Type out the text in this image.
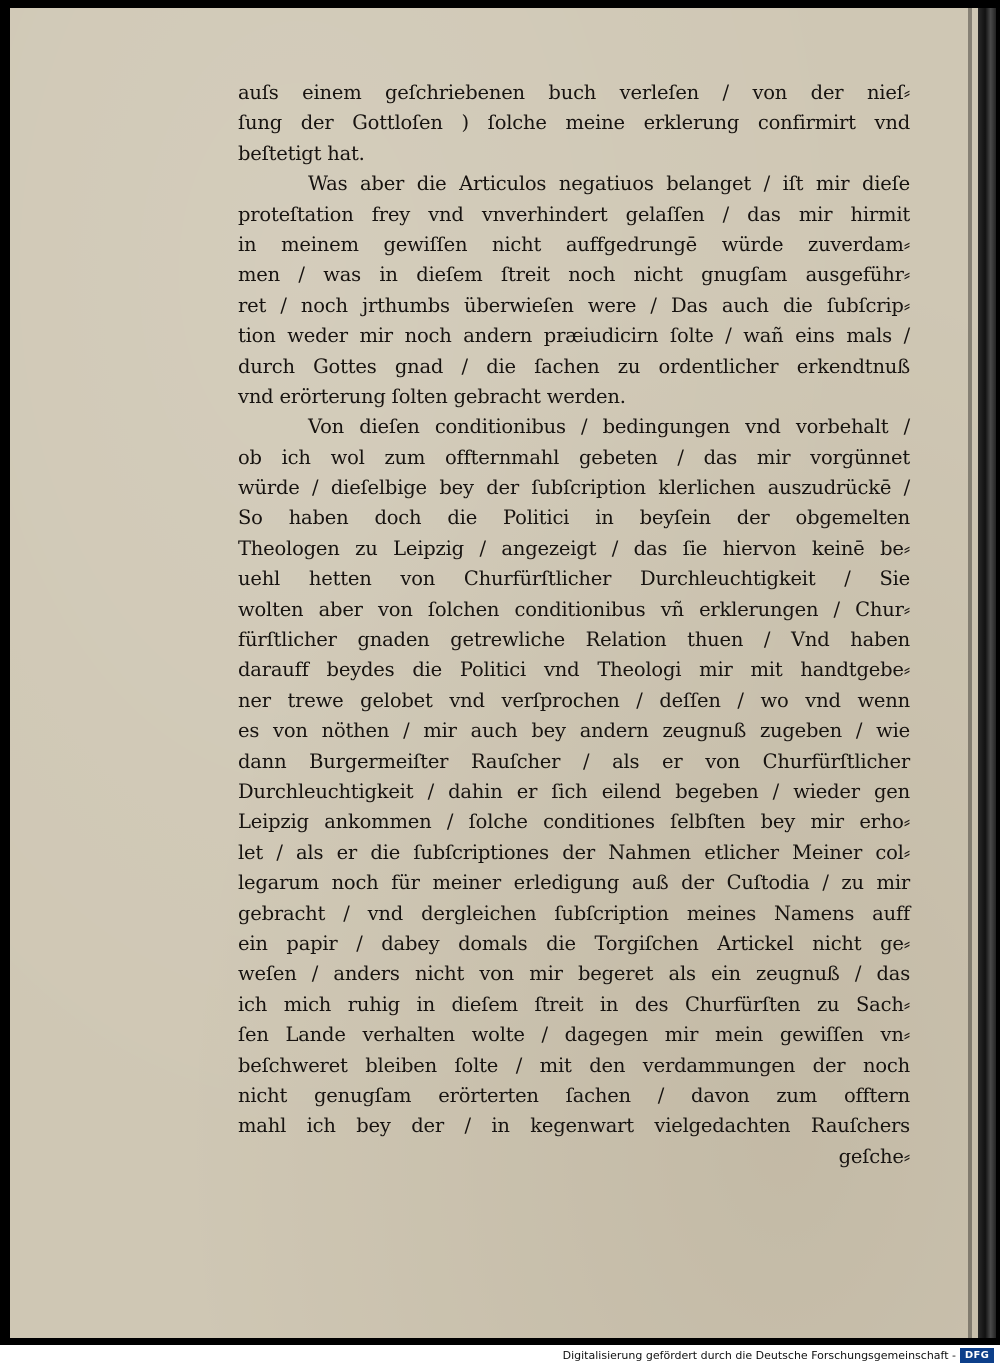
auſs einem geſchriebenen buch verleſen / von der nieſ⸗
ſung der Gottloſen ) ſolche meine erklerung confirmirt vnd
beſtetigt hat.
Was aber die Articulos negatiuos belanget / iſt mir dieſe
proteſtation frey vnd vnverhindert gelaſſen / das mir hirmit
in meinem gewiſſen nicht auffgedrungē würde zuverdam⸗
men / was in dieſem ſtreit noch nicht gnugſam ausgeführ⸗
ret / noch jrthumbs überwieſen were / Das auch die ſubſcrip⸗
tion weder mir noch andern præiudicirn ſolte / wañ eins mals /
durch Gottes gnad / die ſachen zu ordentlicher erkendtnuß
vnd erörterung ſolten gebracht werden.
Von dieſen conditionibus / bedingungen vnd vorbehalt /
ob ich wol zum offternmahl gebeten / das mir vorgünnet
würde / dieſelbige bey der ſubſcription klerlichen auszudrückē /
So haben doch die Politici in beyſein der obgemelten
Theologen zu Leipzig / angezeigt / das ſie hiervon keinē be⸗
uehl hetten von Churfürſtlicher Durchleuchtigkeit / Sie
wolten aber von ſolchen conditionibus vñ erklerungen / Chur⸗
fürſtlicher gnaden getrewliche Relation thuen / Vnd haben
darauff beydes die Politici vnd Theologi mir mit handtgebe⸗
ner trewe gelobet vnd verſprochen / deſſen / wo vnd wenn
es von nöthen / mir auch bey andern zeugnuß zugeben / wie
dann Burgermeiſter Rauſcher / als er von Churfürſtlicher
Durchleuchtigkeit / dahin er ſich eilend begeben / wieder gen
Leipzig ankommen / ſolche conditiones ſelbſten bey mir erho⸗
let / als er die ſubſcriptiones der Nahmen etlicher Meiner col⸗
legarum noch für meiner erledigung auß der Cuſtodia / zu mir
gebracht / vnd dergleichen ſubſcription meines Namens auff
ein papir / dabey domals die Torgiſchen Artickel nicht ge⸗
weſen / anders nicht von mir begeret als ein zeugnuß / das
ich mich ruhig in dieſem ſtreit in des Churfürſten zu Sach⸗
ſen Lande verhalten wolte / dagegen mir mein gewiſſen vn⸗
beſchweret bleiben ſolte / mit den verdammungen der noch
nicht genugſam erörterten ſachen / davon zum offtern
mahl ich bey der / in kegenwart vielgedachten Rauſchers
geſche⸗
Digitalisierung gefördert durch die Deutsche Forschungsgemeinschaft - DFG
